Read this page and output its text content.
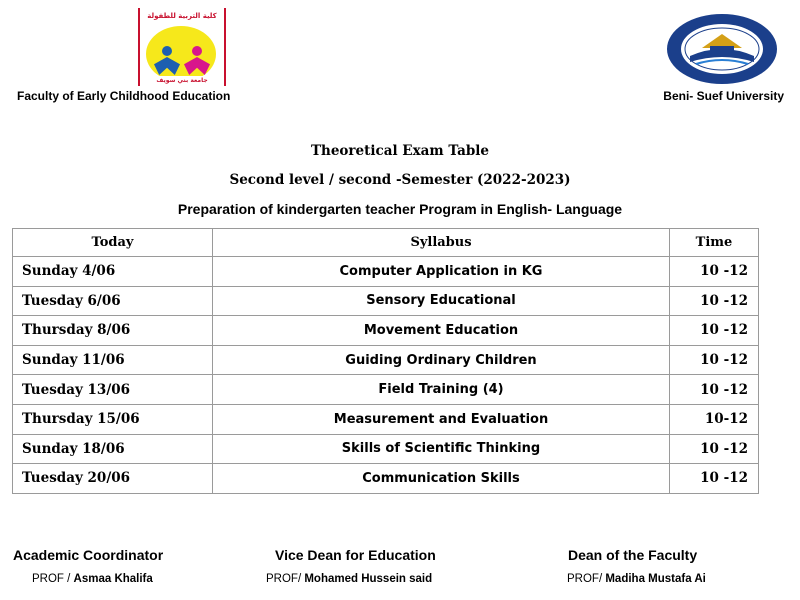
كلية التربية للطفولة
جامعة بني سويف
Faculty of Early Childhood Education	Beni- Suef University
Theoretical Exam Table
Second level / second -Semester (2022-2023)
Preparation of kindergarten teacher Program in English- Language
Today	Syllabus	Time
Sunday 4/06	Computer Application in KG	10 -12
Tuesday 6/06	Sensory Educational	10 -12
Thursday 8/06	Movement Education	10 -12
Sunday 11/06	Guiding Ordinary Children	10 -12
Tuesday 13/06	Field Training (4)	10 -12
Thursday 15/06	Measurement and Evaluation	10-12
Sunday 18/06	Skills of Scientific Thinking	10 -12
Tuesday 20/06	Communication Skills	10 -12
Academic Coordinator
PROF / Asmaa Khalifa
Vice Dean for Education
PROF/ Mohamed Hussein said
Dean of the Faculty
PROF/ Madiha Mustafa Ai
